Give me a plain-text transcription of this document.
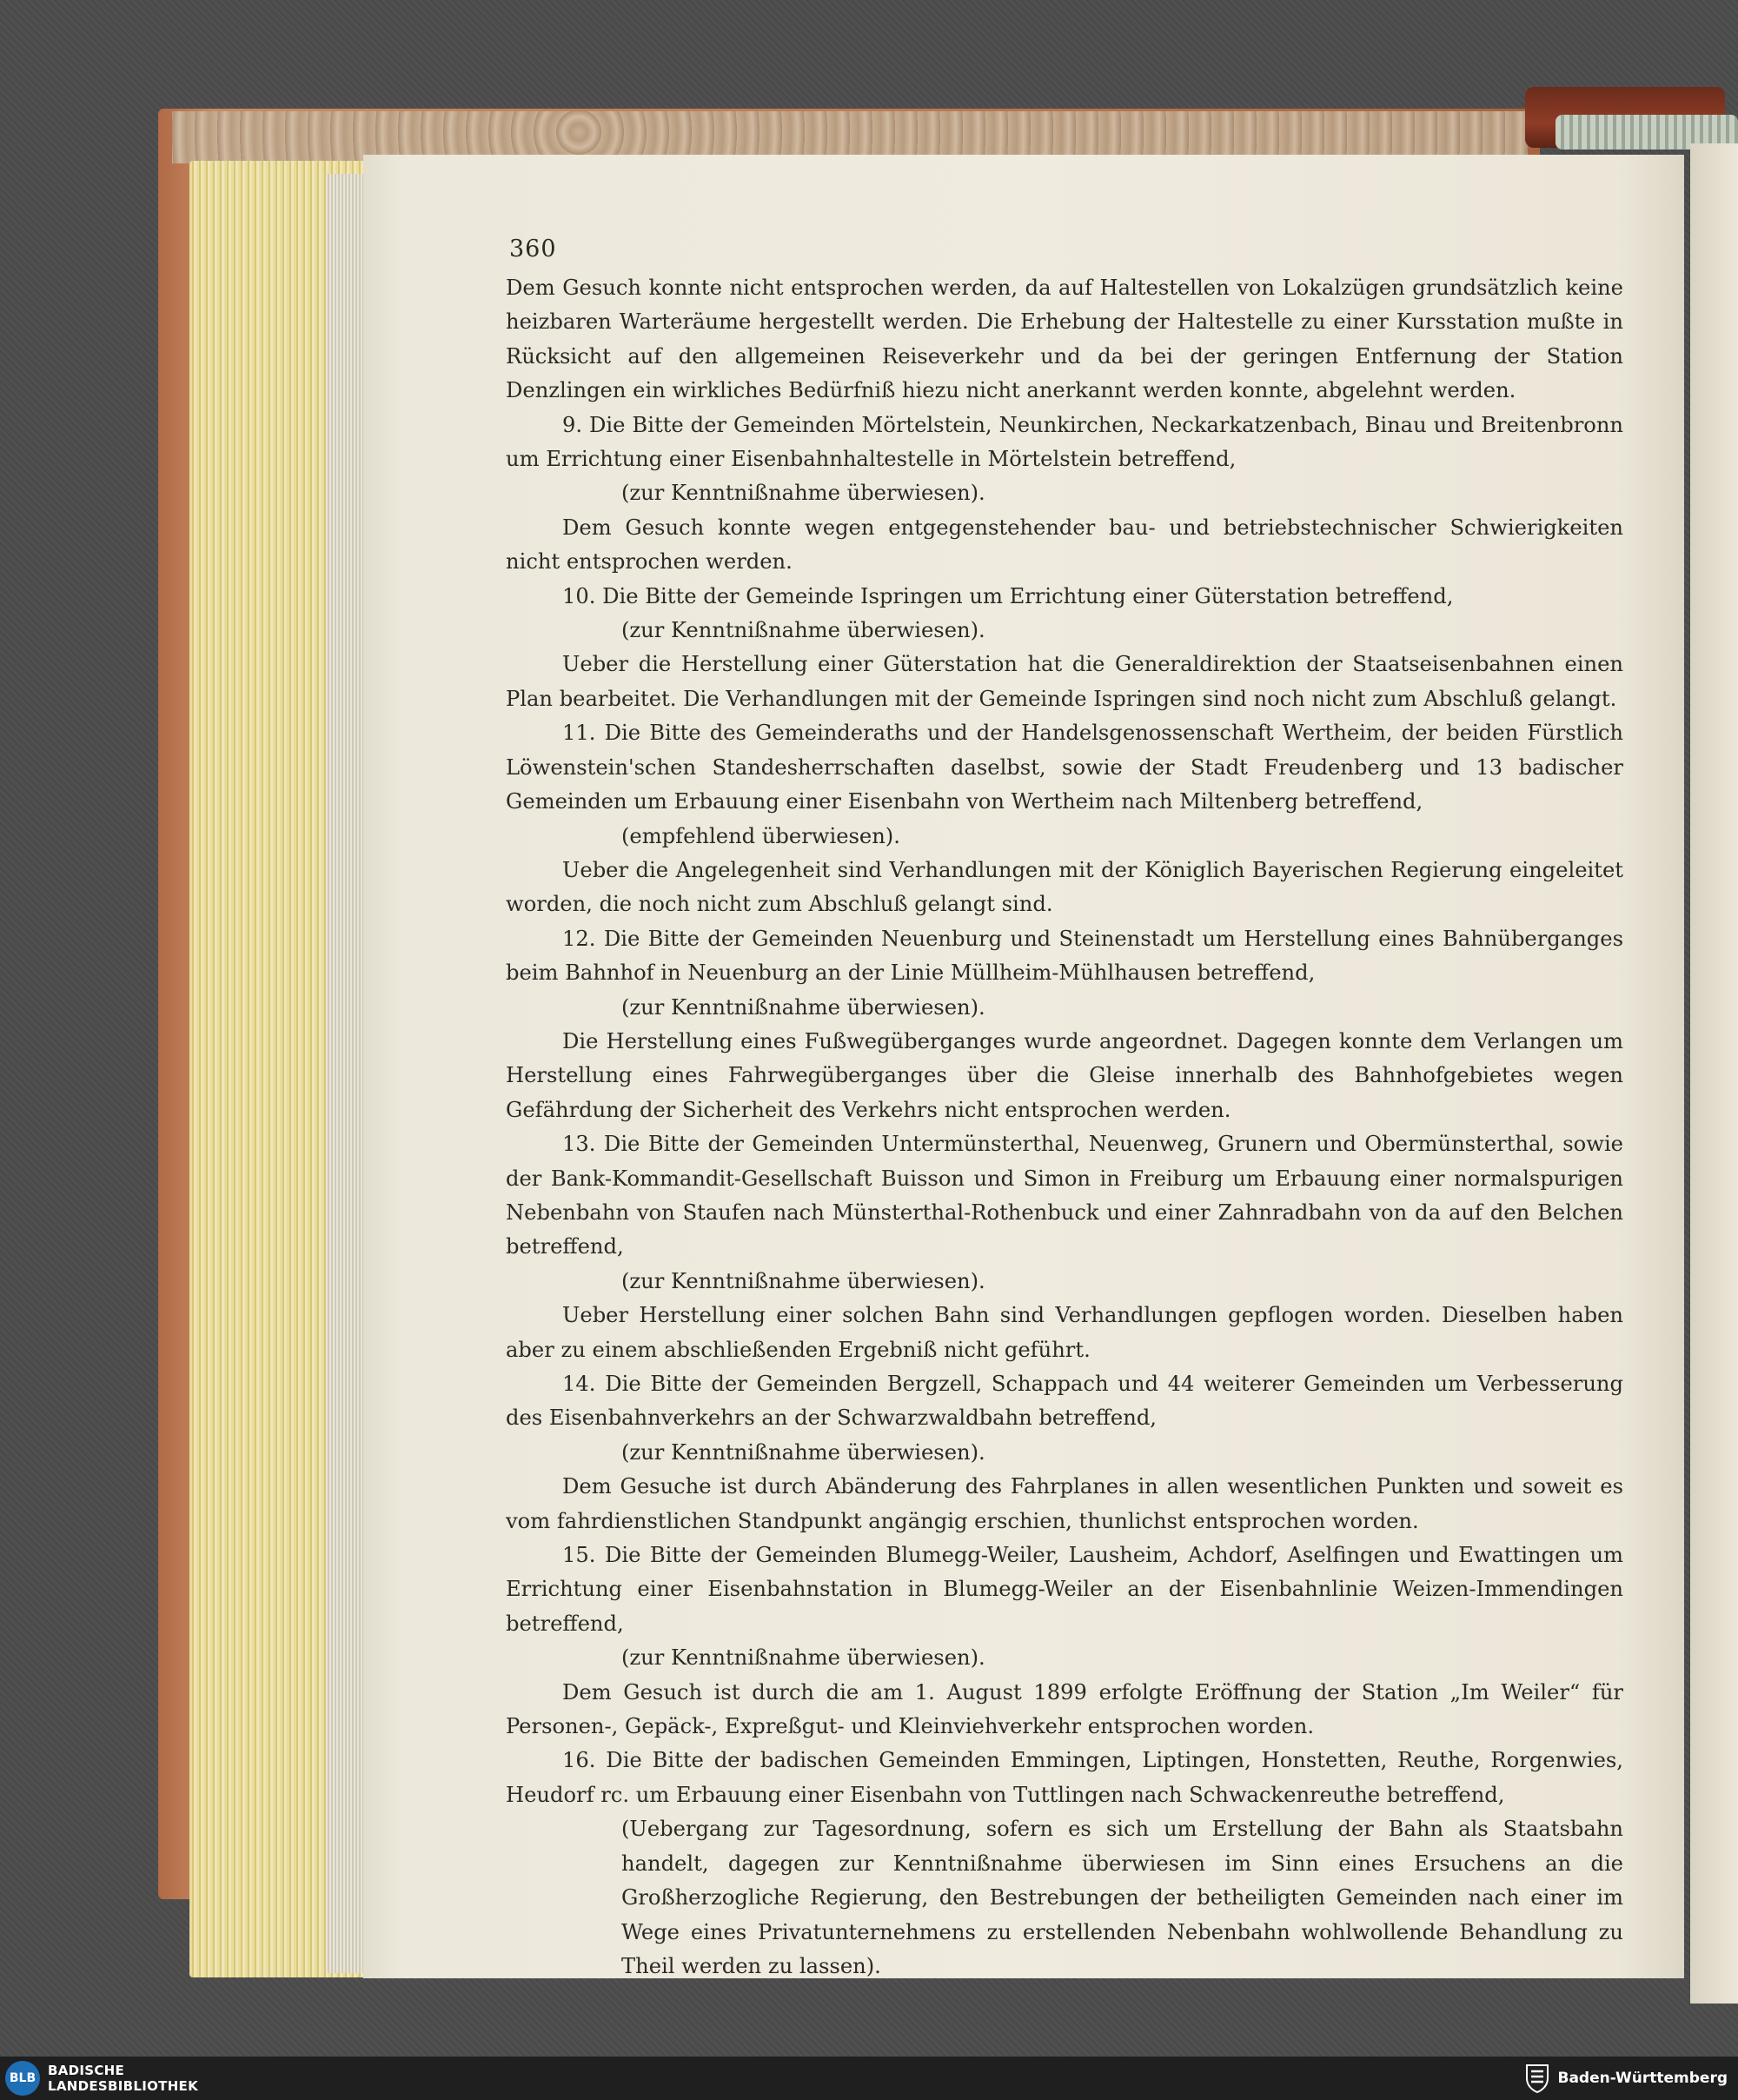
360

Dem Gesuch konnte nicht entsprochen werden, da auf Haltestellen von Lokalzügen grundsätzlich keine heizbaren Warteräume hergestellt werden. Die Erhebung der Haltestelle zu einer Kursstation mußte in Rücksicht auf den allgemeinen Reiseverkehr und da bei der geringen Entfernung der Station Denzlingen ein wirkliches Bedürfniß hiezu nicht anerkannt werden konnte, abgelehnt werden.

9. Die Bitte der Gemeinden Mörtelstein, Neunkirchen, Neckarkatzenbach, Binau und Breitenbronn um Errichtung einer Eisenbahnhaltestelle in Mörtelstein betreffend,

(zur Kenntnißnahme überwiesen).

Dem Gesuch konnte wegen entgegenstehender bau- und betriebstechnischer Schwierigkeiten nicht entsprochen werden.

10. Die Bitte der Gemeinde Ispringen um Errichtung einer Güterstation betreffend,

(zur Kenntnißnahme überwiesen).

Ueber die Herstellung einer Güterstation hat die Generaldirektion der Staatseisenbahnen einen Plan bearbeitet. Die Verhandlungen mit der Gemeinde Ispringen sind noch nicht zum Abschluß gelangt.

11. Die Bitte des Gemeinderaths und der Handelsgenossenschaft Wertheim, der beiden Fürstlich Löwenstein'schen Standesherrschaften daselbst, sowie der Stadt Freudenberg und 13 badischer Gemeinden um Erbauung einer Eisenbahn von Wertheim nach Miltenberg betreffend,

(empfehlend überwiesen).

Ueber die Angelegenheit sind Verhandlungen mit der Königlich Bayerischen Regierung eingeleitet worden, die noch nicht zum Abschluß gelangt sind.

12. Die Bitte der Gemeinden Neuenburg und Steinenstadt um Herstellung eines Bahnüberganges beim Bahnhof in Neuenburg an der Linie Müllheim-Mühlhausen betreffend,

(zur Kenntnißnahme überwiesen).

Die Herstellung eines Fußwegüberganges wurde angeordnet. Dagegen konnte dem Verlangen um Herstellung eines Fahrwegüberganges über die Gleise innerhalb des Bahnhofgebietes wegen Gefährdung der Sicherheit des Verkehrs nicht entsprochen werden.

13. Die Bitte der Gemeinden Untermünsterthal, Neuenweg, Grunern und Obermünsterthal, sowie der Bank-Kommandit-Gesellschaft Buisson und Simon in Freiburg um Erbauung einer normalspurigen Nebenbahn von Staufen nach Münsterthal-Rothenbuck und einer Zahnradbahn von da auf den Belchen betreffend,

(zur Kenntnißnahme überwiesen).

Ueber Herstellung einer solchen Bahn sind Verhandlungen gepflogen worden. Dieselben haben aber zu einem abschließenden Ergebniß nicht geführt.

14. Die Bitte der Gemeinden Bergzell, Schappach und 44 weiterer Gemeinden um Verbesserung des Eisenbahnverkehrs an der Schwarzwaldbahn betreffend,

(zur Kenntnißnahme überwiesen).

Dem Gesuche ist durch Abänderung des Fahrplanes in allen wesentlichen Punkten und soweit es vom fahrdienstlichen Standpunkt angängig erschien, thunlichst entsprochen worden.

15. Die Bitte der Gemeinden Blumegg-Weiler, Lausheim, Achdorf, Aselfingen und Ewattingen um Errichtung einer Eisenbahnstation in Blumegg-Weiler an der Eisenbahnlinie Weizen-Immendingen betreffend,

(zur Kenntnißnahme überwiesen).

Dem Gesuch ist durch die am 1. August 1899 erfolgte Eröffnung der Station „Im Weiler“ für Personen-, Gepäck-, Expreßgut- und Kleinviehverkehr entsprochen worden.

16. Die Bitte der badischen Gemeinden Emmingen, Liptingen, Honstetten, Reuthe, Rorgenwies, Heudorf rc. um Erbauung einer Eisenbahn von Tuttlingen nach Schwackenreuthe betreffend,

(Uebergang zur Tagesordnung, sofern es sich um Erstellung der Bahn als Staatsbahn handelt, dagegen zur Kenntnißnahme überwiesen im Sinn eines Ersuchens an die Großherzogliche Regierung, den Bestrebungen der betheiligten Gemeinden nach einer im Wege eines Privatunternehmens zu erstellenden Nebenbahn wohlwollende Behandlung zu Theil werden zu lassen).

BLB BADISCHE
LANDESBIBLIOTHEK	Baden-Württemberg
